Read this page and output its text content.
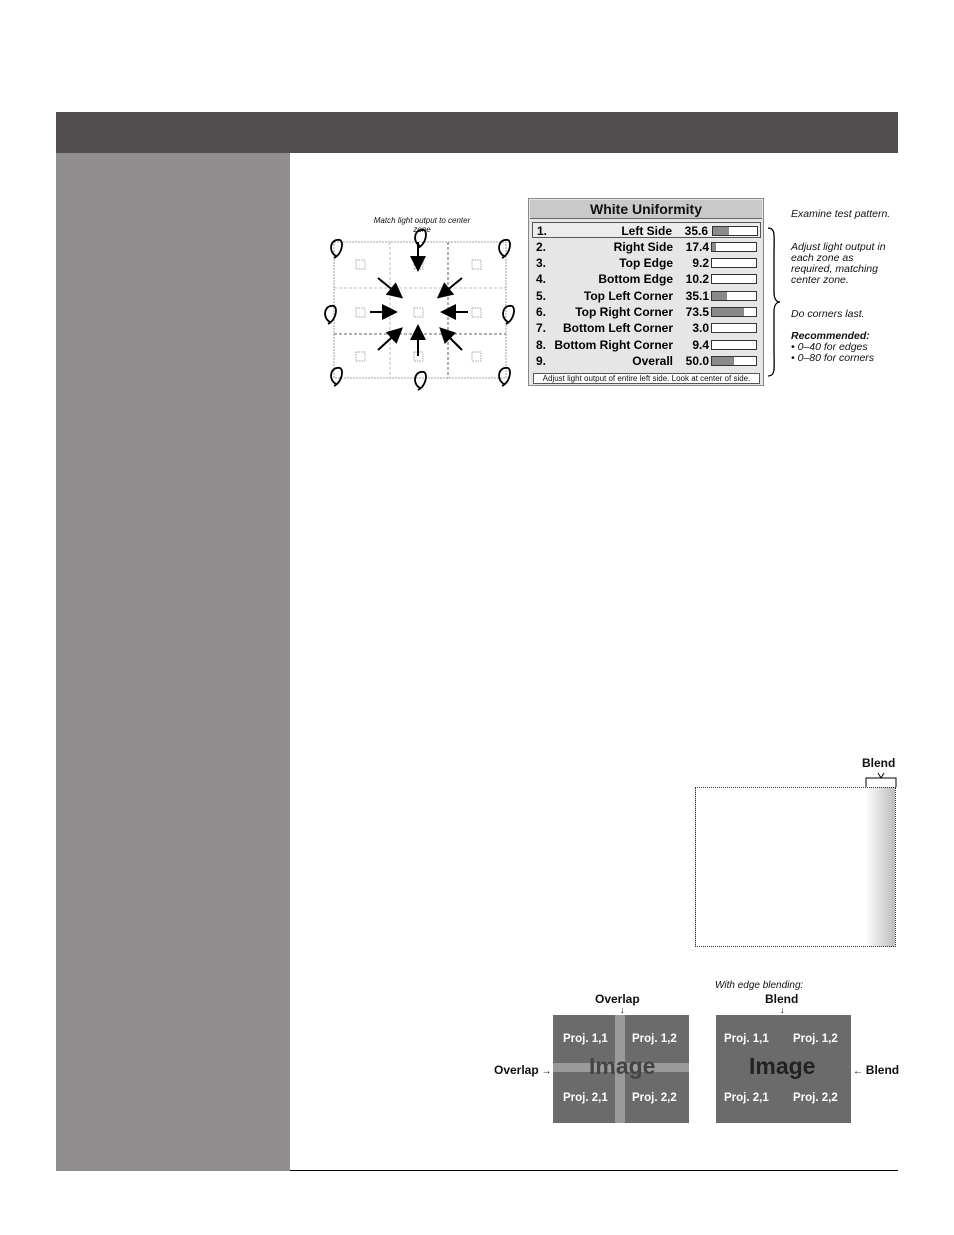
Match light output to center zone
White Uniformity
1.	Left Side 35.6
2.	Right Side 17.4
3.	Top Edge 9.2
4.	Bottom Edge 10.2
5.	Top Left Corner 35.1
6. Top Right Corner 73.5
7. Bottom Left Corner 3.0
8. Bottom Right Corner 9.4
9.	Overall 50.0
Adjust light output of entire left side. Look at center of side.
Examine test pattern.
Adjust light output in each zone as required, matching center zone.
Do corners last.
Recommended:
• 0–40 for edges
• 0–80 for corners
Blend
Overlap
↓
Overlap → Image
Proj. 1,1 Proj. 1,2
Proj. 2,1 Proj. 2,2
With edge blending:
Blend
↓
← Blend
Image
Proj. 1,1 Proj. 1,2
Proj. 2,1 Proj. 2,2
